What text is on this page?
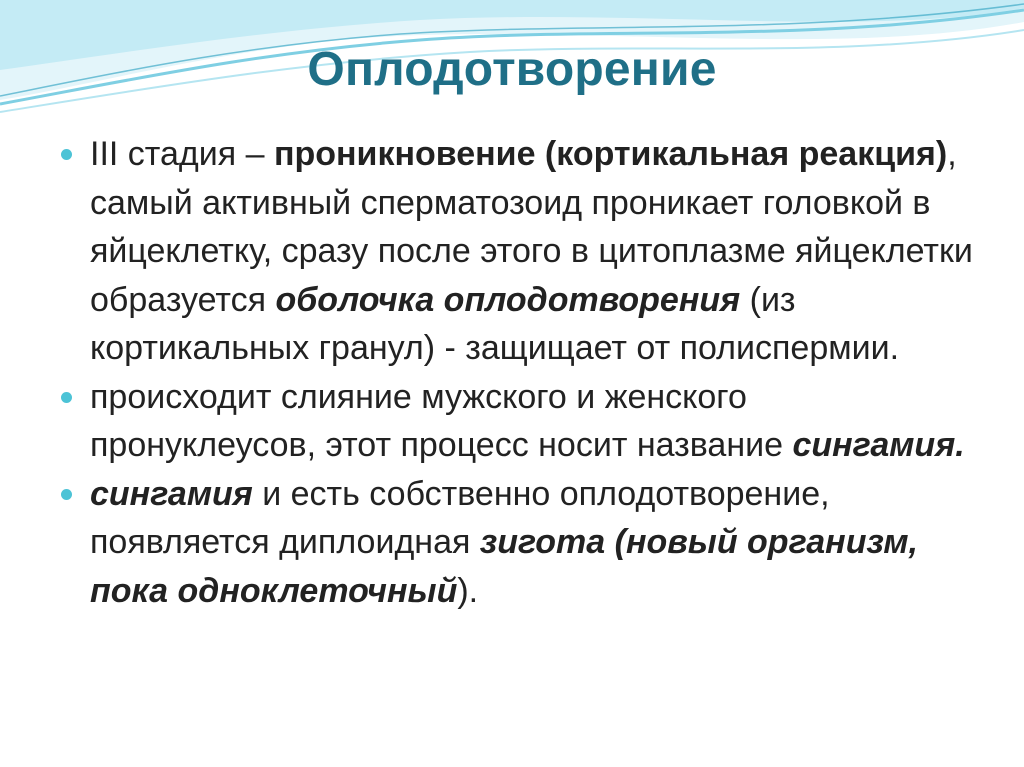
Оплодотворение

III стадия – проникновение (кортикальная реакция), самый активный сперматозоид проникает головкой в яйцеклетку, сразу после этого в цитоплазме яйцеклетки образуется оболочка оплодотворения (из кортикальных гранул) - защищает от полиспермии.

происходит слияние мужского и женского пронуклеусов, этот процесс носит название сингамия.

сингамия и есть собственно оплодотворение, появляется диплоидная зигота (новый организм, пока одноклеточный).
